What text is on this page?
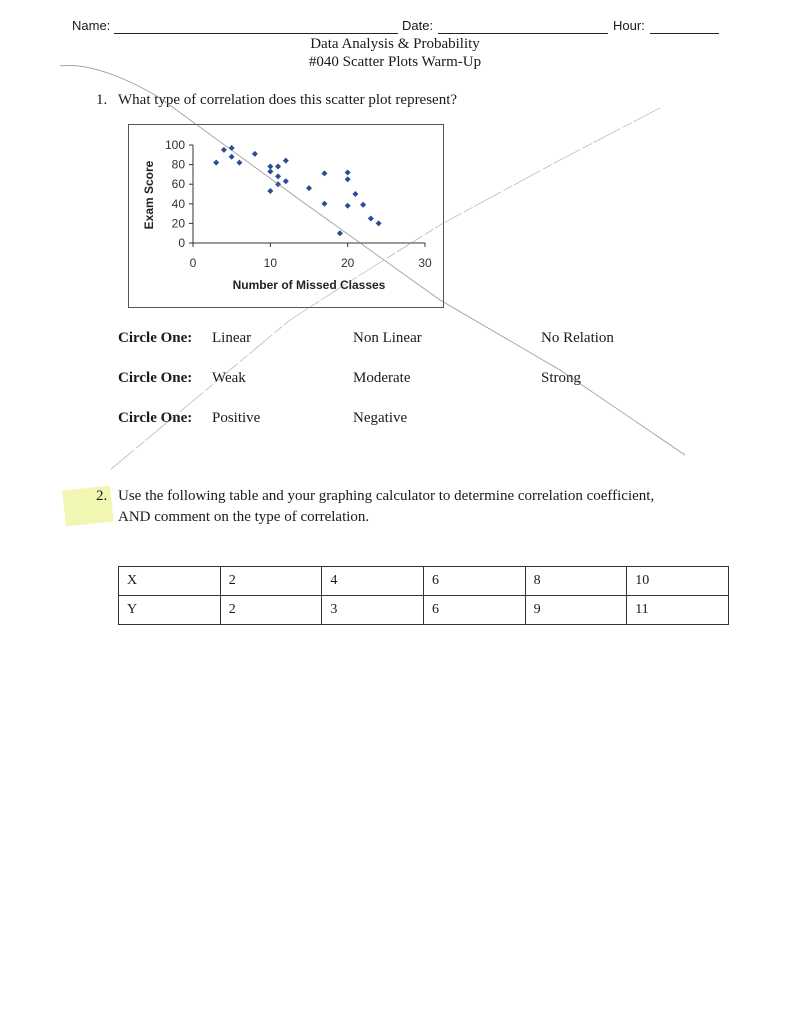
Name:	Date:	Hour:
Data Analysis & Probability
#040 Scatter Plots Warm-Up
1. What type of correlation does this scatter plot represent?
Exam Score
Number of Missed Classes
0
20
40
60
80
100
0	10	20	30
Circle One: Linear	Non Linear	No Relation
Circle One: Weak	Moderate	Strong
Circle One: Positive	Negative
2. Use the following table and your graphing calculator to determine correlation coefficient,
AND comment on the type of correlation.
X	2	4	6	8	10
Y	2	3	6	9	11
